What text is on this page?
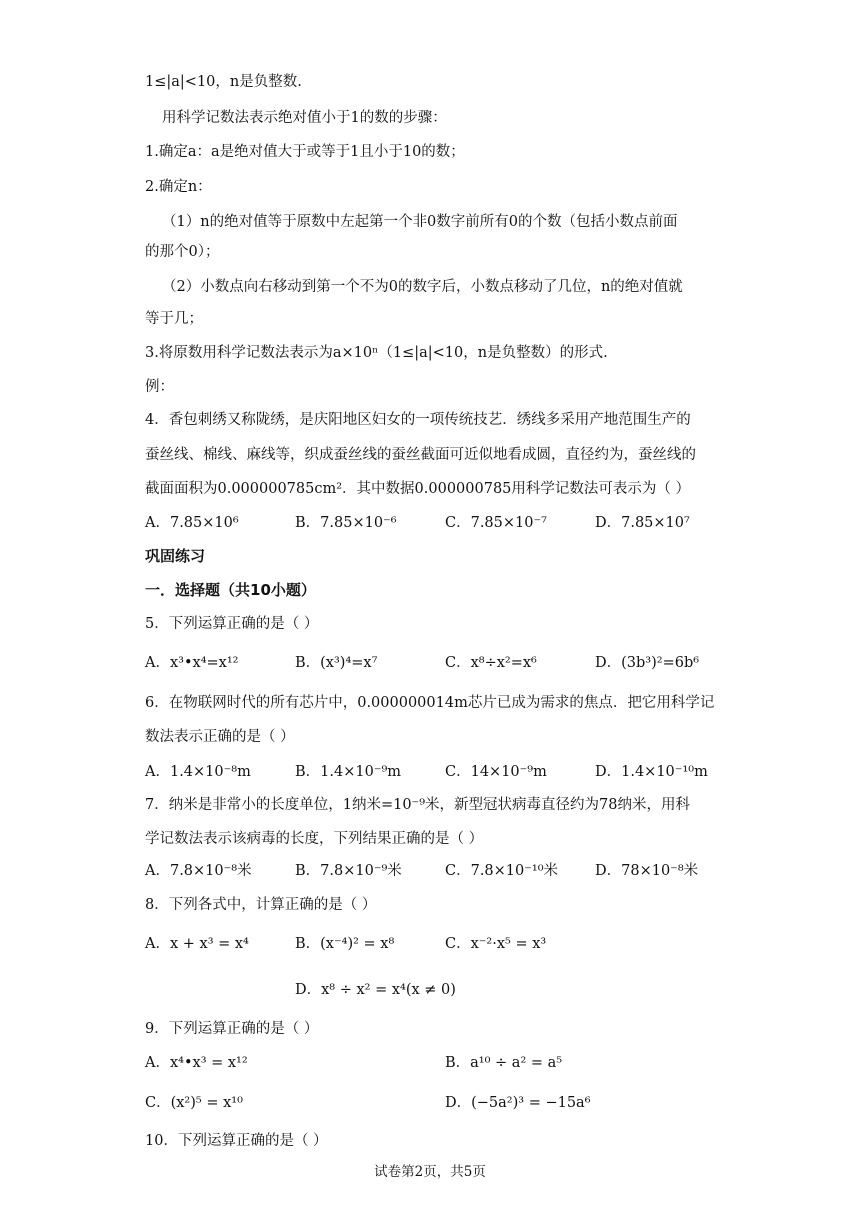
1≤|a|<10，n是负整数.
用科学记数法表示绝对值小于1的数的步骤：
1.确定a：a是绝对值大于或等于1且小于10的数；
2.确定n：
（1）n的绝对值等于原数中左起第一个非0数字前所有0的个数（包括小数点前面
的那个0）；
（2）小数点向右移动到第一个不为0的数字后，小数点移动了几位，n的绝对值就
等于几；
3.将原数用科学记数法表示为a×10ⁿ（1≤|a|<10，n是负整数）的形式.
例：
4．香包刺绣又称陇绣，是庆阳地区妇女的一项传统技艺．绣线多采用产地范围生产的
蚕丝线、棉线、麻线等，织成蚕丝线的蚕丝截面可近似地看成圆，直径约为，蚕丝线的
截面面积为0.000000785cm²．其中数据0.000000785用科学记数法可表示为（ ）
A．7.85×10⁶	B．7.85×10⁻⁶	C．7.85×10⁻⁷	D．7.85×10⁷
巩固练习
一．选择题（共10小题）
5．下列运算正确的是（ ）
A．x³•x⁴=x¹²	B．(x³)⁴=x⁷	C．x⁸÷x²=x⁶	D．(3b³)²=6b⁶
6．在物联网时代的所有芯片中，0.000000014m芯片已成为需求的焦点．把它用科学记
数法表示正确的是（ ）
A．1.4×10⁻⁸m	B．1.4×10⁻⁹m	C．14×10⁻⁹m	D．1.4×10⁻¹⁰m
7．纳米是非常小的长度单位，1纳米=10⁻⁹米，新型冠状病毒直径约为78纳米，用科
学记数法表示该病毒的长度，下列结果正确的是（ ）
A．7.8×10⁻⁸米	B．7.8×10⁻⁹米	C．7.8×10⁻¹⁰米	D．78×10⁻⁸米
8．下列各式中，计算正确的是（ ）
A．x + x³ = x⁴	B．(x⁻⁴)² = x⁸	C．x⁻²·x⁵ = x³
D．x⁸ ÷ x² = x⁴(x ≠ 0)
9．下列运算正确的是（ ）
A．x⁴•x³ = x¹²	B．a¹⁰ ÷ a² = a⁵
C．(x²)⁵ = x¹⁰	D．(−5a²)³ = −15a⁶
10．下列运算正确的是（ ）
试卷第2页，共5页
